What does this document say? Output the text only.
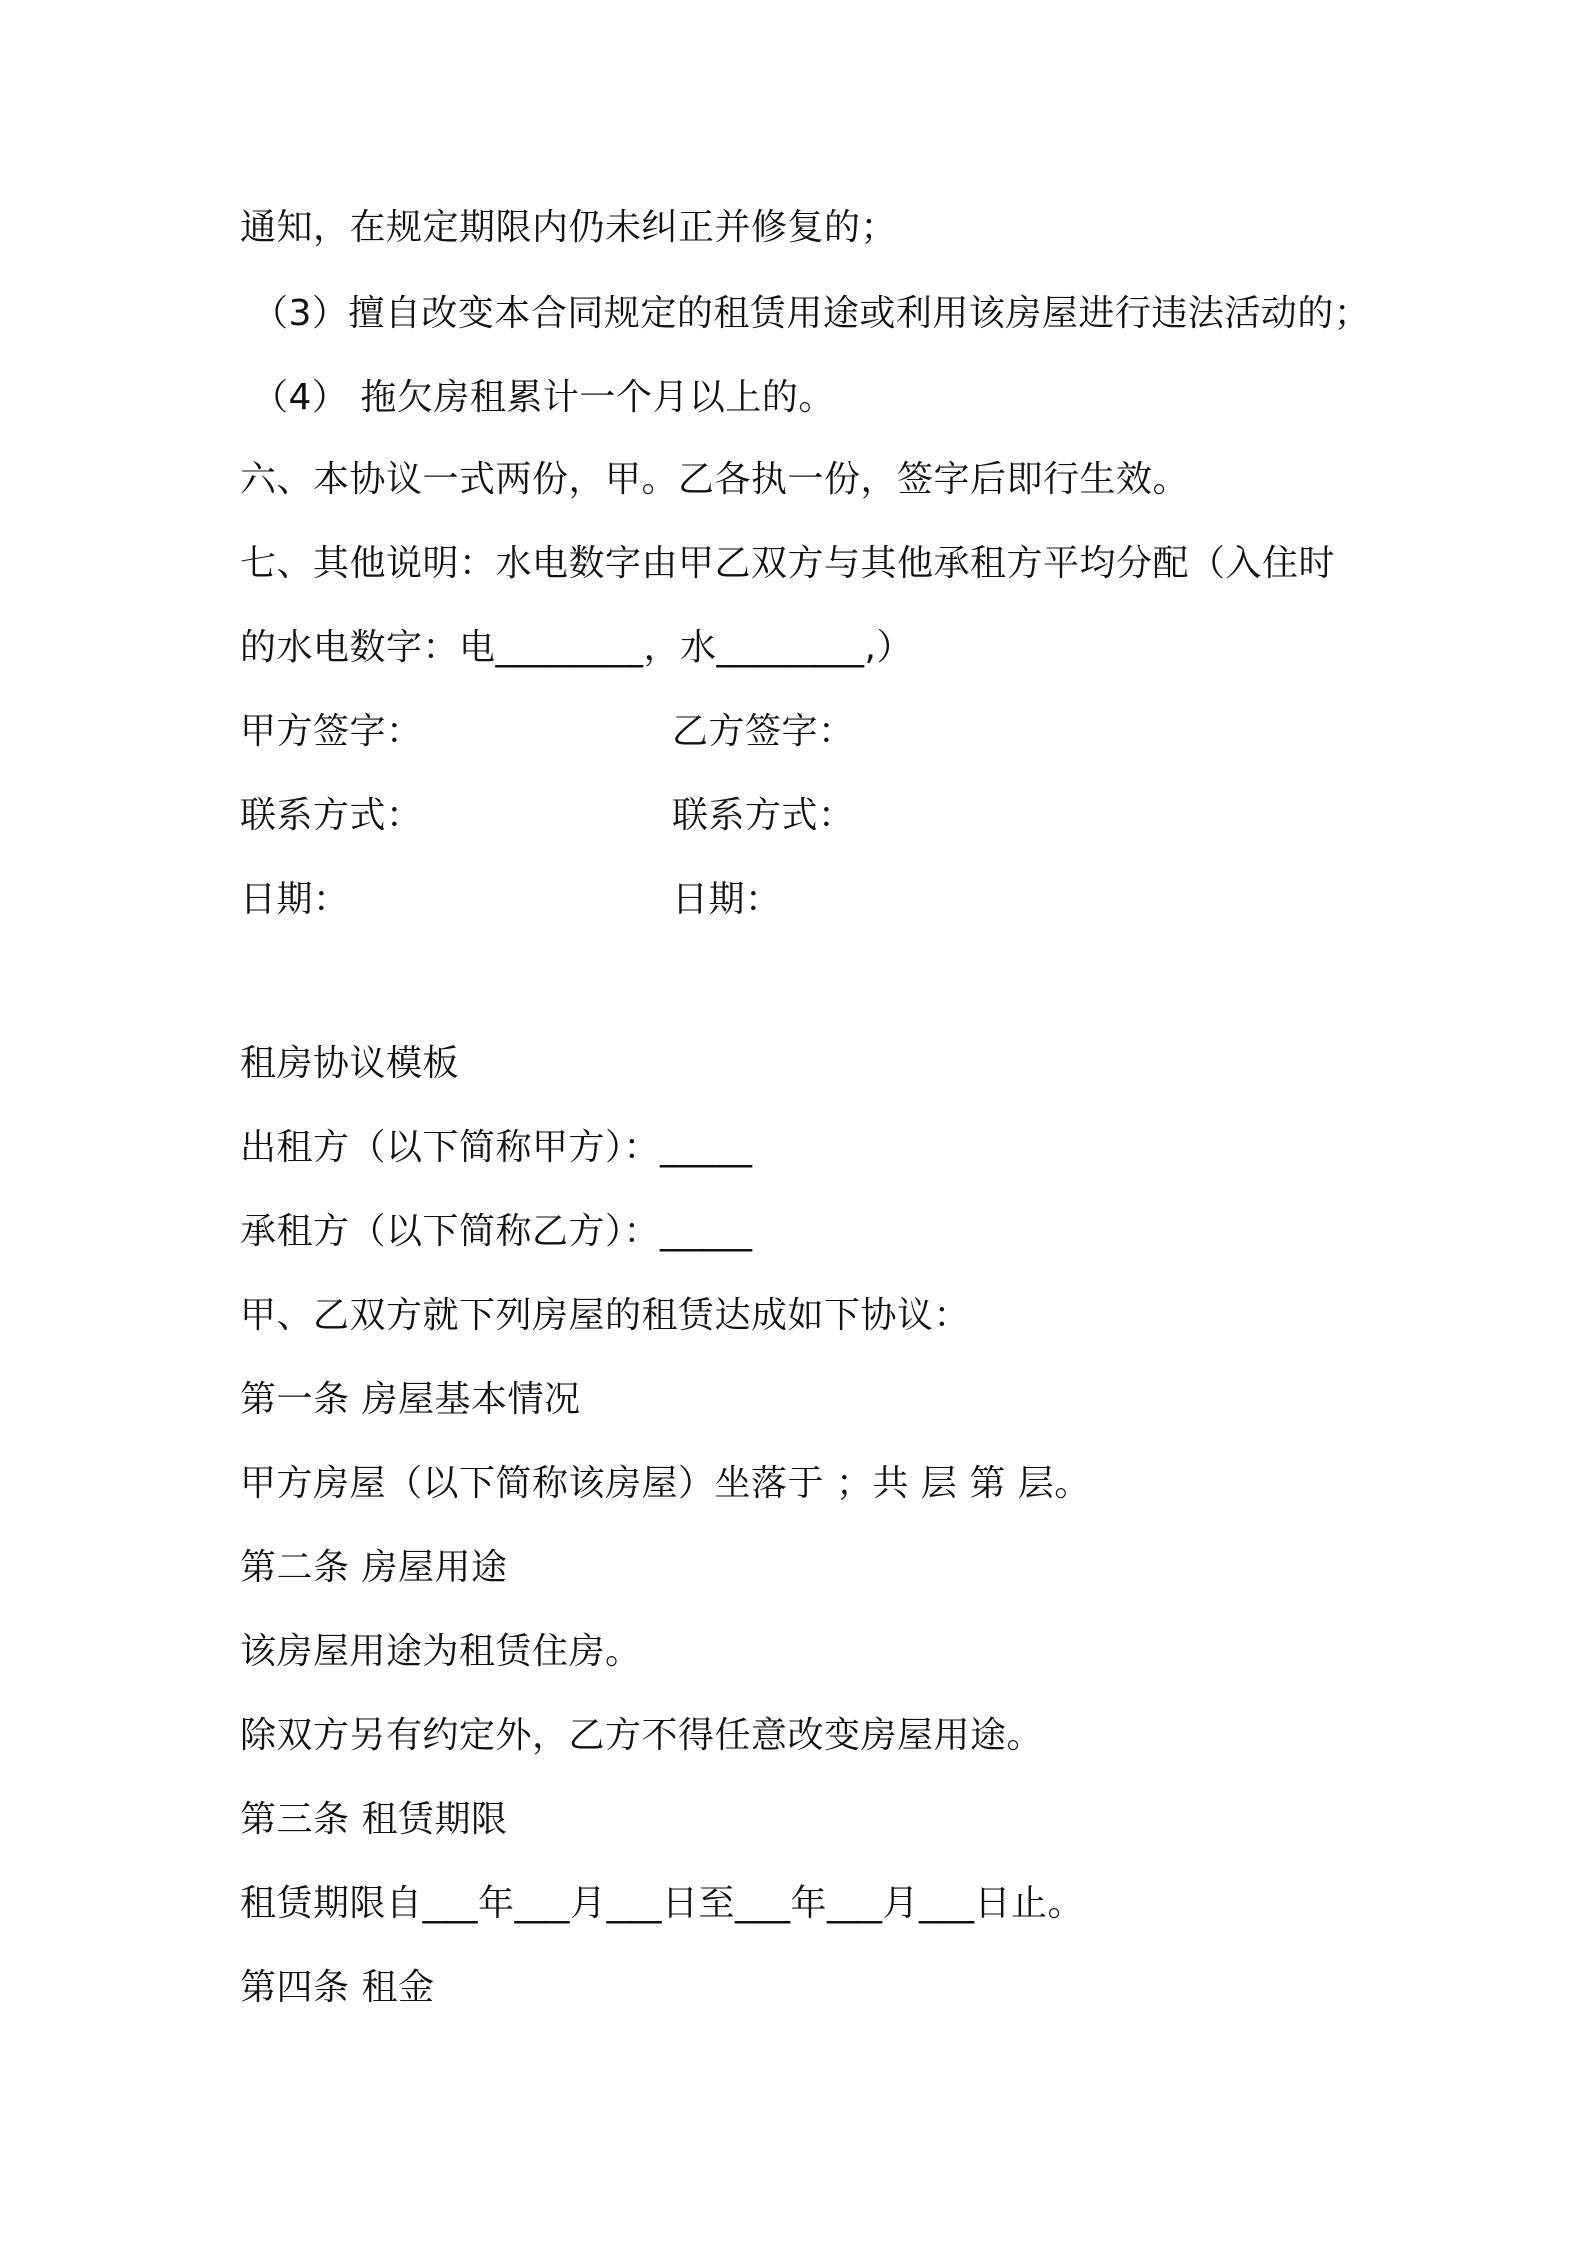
通知，在规定期限内仍未纠正并修复的；
（3）擅自改变本合同规定的租赁用途或利用该房屋进行违法活动的；
（4） 拖欠房租累计一个月以上的。
六、本协议一式两份，甲。乙各执一份，签字后即行生效。
七、其他说明：水电数字由甲乙双方与其他承租方平均分配（入住时
的水电数字：电________，水________,）
甲方签字：	乙方签字：
联系方式：	联系方式：
日期：	日期：
租房协议模板
出租方（以下简称甲方）：_____
承租方（以下简称乙方）：_____
甲、乙双方就下列房屋的租赁达成如下协议：
第一条 房屋基本情况
甲方房屋（以下简称该房屋）坐落于 ；共 层 第 层。
第二条 房屋用途
该房屋用途为租赁住房。
除双方另有约定外，乙方不得任意改变房屋用途。
第三条 租赁期限
租赁期限自___年___月___日至___年___月___日止。
第四条 租金
